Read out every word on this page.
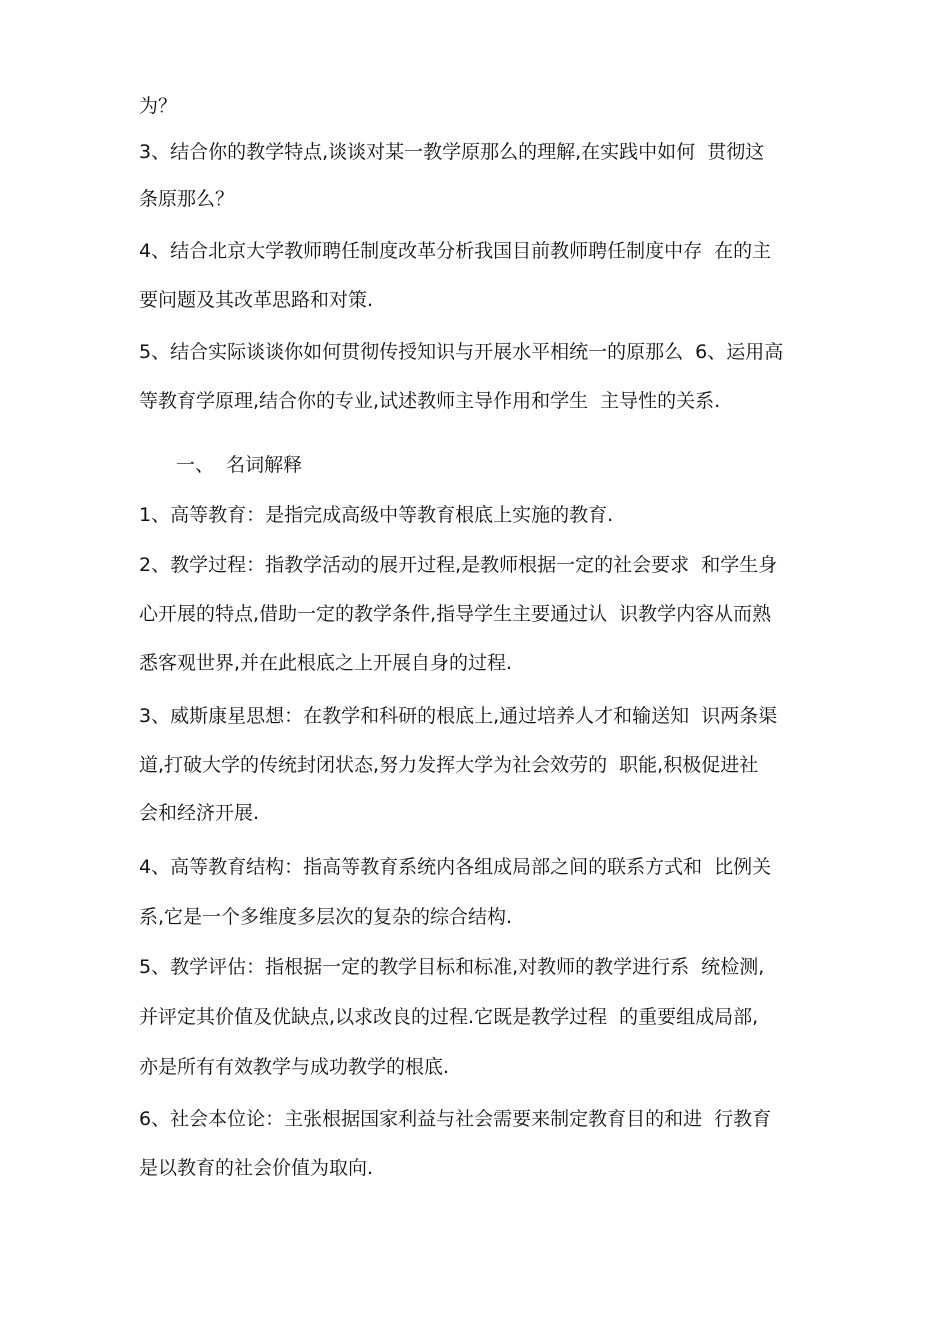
为？
3、结合你的教学特点,谈谈对某一教学原那么的理解,在实践中如何  贯彻这
条原那么？
4、结合北京大学教师聘任制度改革分析我国目前教师聘任制度中存  在的主
要问题及其改革思路和对策.
5、结合实际谈谈你如何贯彻传授知识与开展水平相统一的原那么  6、运用高
等教育学原理,结合你的专业,试述教师主导作用和学生  主导性的关系.
一、  名词解释
1、高等教育：是指完成高级中等教育根底上实施的教育.
2、教学过程：指教学活动的展开过程,是教师根据一定的社会要求  和学生身
心开展的特点,借助一定的教学条件,指导学生主要通过认  识教学内容从而熟
悉客观世界,并在此根底之上开展自身的过程.
3、威斯康星思想：在教学和科研的根底上,通过培养人才和输送知  识两条渠
道,打破大学的传统封闭状态,努力发挥大学为社会效劳的  职能,积极促进社
会和经济开展.
4、高等教育结构：指高等教育系统内各组成局部之间的联系方式和  比例关
系,它是一个多维度多层次的复杂的综合结构.
5、教学评估：指根据一定的教学目标和标准,对教师的教学进行系  统检测,
并评定其价值及优缺点,以求改良的过程.它既是教学过程  的重要组成局部,
亦是所有有效教学与成功教学的根底.
6、社会本位论：主张根据国家利益与社会需要来制定教育目的和进  行教育
是以教育的社会价值为取向.
